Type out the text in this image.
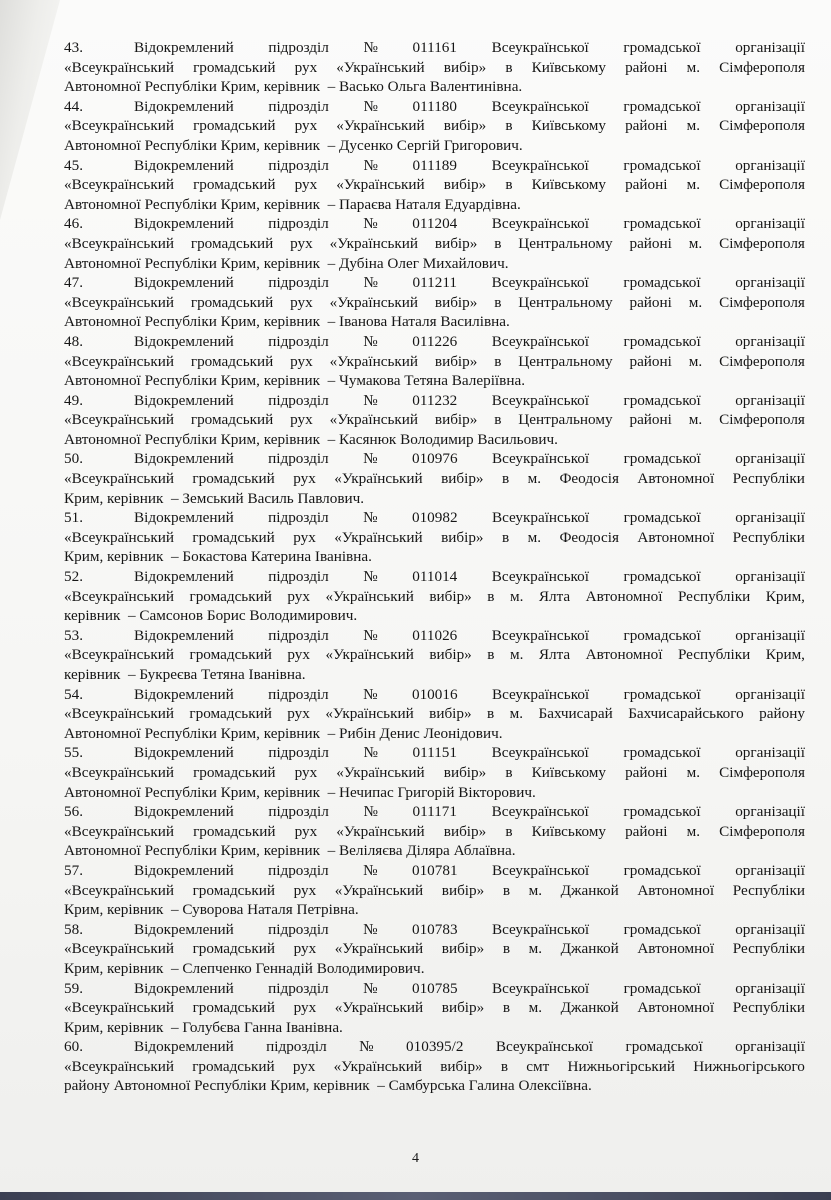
43.	Відокремлений підрозділ № 011161 Всеукраїнської громадської організації
«Всеукраїнський громадський рух «Український вибір» в Київському районі м. Сімферополя
Автономної Республіки Крим, керівник  – Васько Ольга Валентинівна.
44.	Відокремлений підрозділ № 011180 Всеукраїнської громадської організації
«Всеукраїнський громадський рух «Український вибір» в Київському районі м. Сімферополя
Автономної Республіки Крим, керівник  – Дусенко Сергій Григорович.
45.	Відокремлений підрозділ № 011189 Всеукраїнської громадської організації
«Всеукраїнський громадський рух «Український вибір» в Київському районі м. Сімферополя
Автономної Республіки Крим, керівник  – Параєва Наталя Едуардівна.
46.	Відокремлений підрозділ № 011204 Всеукраїнської громадської організації
«Всеукраїнський громадський рух «Український вибір» в Центральному районі м. Сімферополя
Автономної Республіки Крим, керівник  – Дубіна Олег Михайлович.
47.	Відокремлений підрозділ № 011211 Всеукраїнської громадської організації
«Всеукраїнський громадський рух «Український вибір» в Центральному районі м. Сімферополя
Автономної Республіки Крим, керівник  – Іванова Наталя Василівна.
48.	Відокремлений підрозділ № 011226 Всеукраїнської громадської організації
«Всеукраїнський громадський рух «Український вибір» в Центральному районі м. Сімферополя
Автономної Республіки Крим, керівник  – Чумакова Тетяна Валеріївна.
49.	Відокремлений підрозділ № 011232 Всеукраїнської громадської організації
«Всеукраїнський громадський рух «Український вибір» в Центральному районі м. Сімферополя
Автономної Республіки Крим, керівник  – Касянюк Володимир Васильович.
50.	Відокремлений підрозділ № 010976 Всеукраїнської громадської організації
«Всеукраїнський громадський рух «Український вибір» в м. Феодосія Автономної Республіки
Крим, керівник  – Земський Василь Павлович.
51.	Відокремлений підрозділ № 010982 Всеукраїнської громадської організації
«Всеукраїнський громадський рух «Український вибір» в м. Феодосія Автономної Республіки
Крим, керівник  – Бокастова Катерина Іванівна.
52.	Відокремлений підрозділ № 011014 Всеукраїнської громадської організації
«Всеукраїнський громадський рух «Український вибір» в м. Ялта Автономної Республіки Крим,
керівник  – Самсонов Борис Володимирович.
53.	Відокремлений підрозділ № 011026 Всеукраїнської громадської організації
«Всеукраїнський громадський рух «Український вибір» в м. Ялта Автономної Республіки Крим,
керівник  – Букреєва Тетяна Іванівна.
54.	Відокремлений підрозділ № 010016 Всеукраїнської громадської організації
«Всеукраїнський громадський рух «Український вибір» в м. Бахчисарай Бахчисарайського району
Автономної Республіки Крим, керівник  – Рибін Денис Леонідович.
55.	Відокремлений підрозділ № 011151 Всеукраїнської громадської організації
«Всеукраїнський громадський рух «Український вибір» в Київському районі м. Сімферополя
Автономної Республіки Крим, керівник  – Нечипас Григорій Вікторович.
56.	Відокремлений підрозділ № 011171 Всеукраїнської громадської організації
«Всеукраїнський громадський рух «Український вибір» в Київському районі м. Сімферополя
Автономної Республіки Крим, керівник  – Веліляєва Діляра Аблаївна.
57.	Відокремлений підрозділ № 010781 Всеукраїнської громадської організації
«Всеукраїнський громадський рух «Український вибір» в м. Джанкой Автономної Республіки
Крим, керівник  – Суворова Наталя Петрівна.
58.	Відокремлений підрозділ № 010783 Всеукраїнської громадської організації
«Всеукраїнський громадський рух «Український вибір» в м. Джанкой Автономної Республіки
Крим, керівник  – Слепченко Геннадій Володимирович.
59.	Відокремлений підрозділ № 010785 Всеукраїнської громадської організації
«Всеукраїнський громадський рух «Український вибір» в м. Джанкой Автономної Республіки
Крим, керівник  – Голубєва Ганна Іванівна.
60.	Відокремлений підрозділ № 010395/2 Всеукраїнської громадської організації
«Всеукраїнський громадський рух «Український вибір» в смт Нижньогірський Нижньогірського
району Автономної Республіки Крим, керівник  – Самбурська Галина Олексіївна.
4
